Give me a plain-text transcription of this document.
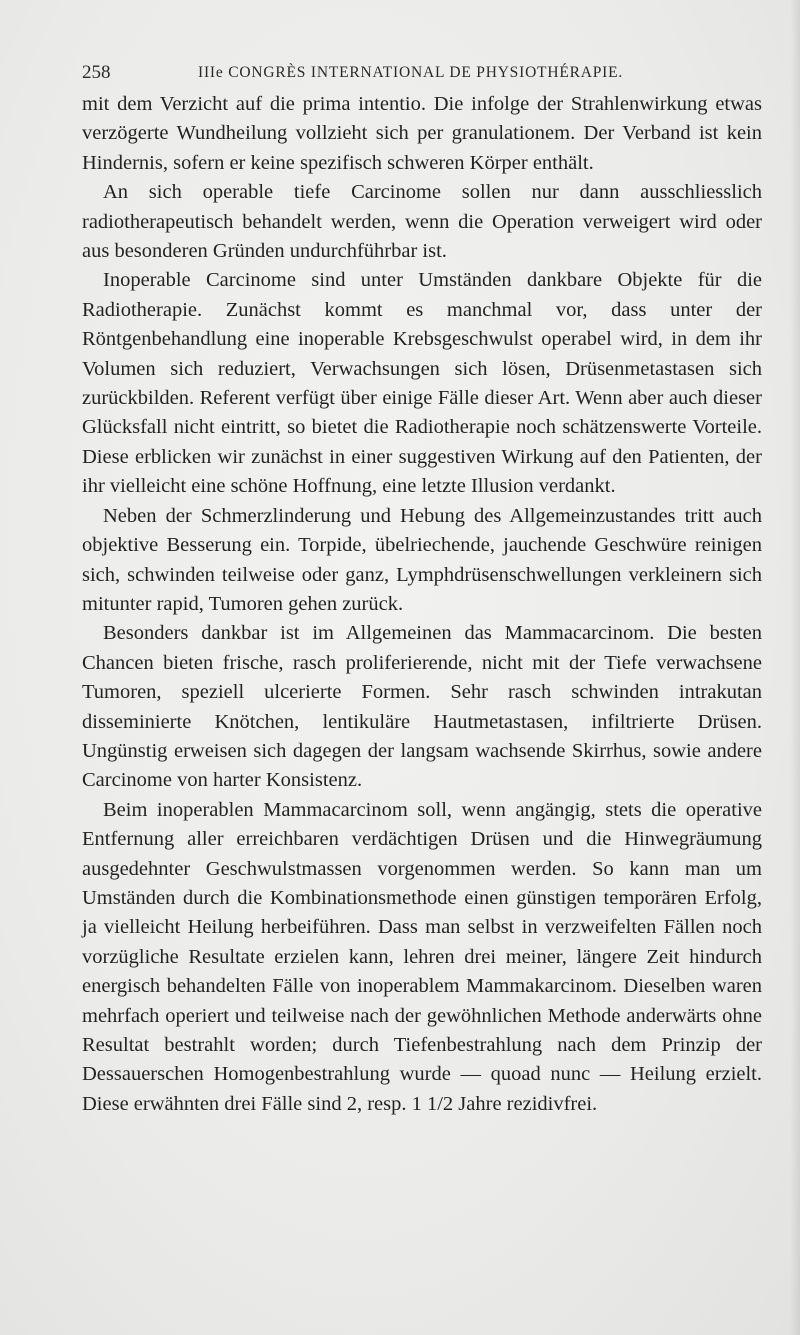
258	IIIe CONGRÈS INTERNATIONAL DE PHYSIOTHÉRAPIE.

mit dem Verzicht auf die prima intentio. Die infolge der Strahlenwirkung etwas verzögerte Wundheilung vollzieht sich per granulationem. Der Verband ist kein Hindernis, sofern er keine spezifisch schweren Körper enthält.

An sich operable tiefe Carcinome sollen nur dann ausschliesslich radiotherapeutisch behandelt werden, wenn die Operation verweigert wird oder aus besonderen Gründen undurchführbar ist.

Inoperable Carcinome sind unter Umständen dankbare Objekte für die Radiotherapie. Zunächst kommt es manchmal vor, dass unter der Röntgenbehandlung eine inoperable Krebsgeschwulst operabel wird, in dem ihr Volumen sich reduziert, Verwachsungen sich lösen, Drüsenmetastasen sich zurückbilden. Referent verfügt über einige Fälle dieser Art. Wenn aber auch dieser Glücksfall nicht eintritt, so bietet die Radiotherapie noch schätzenswerte Vorteile. Diese erblicken wir zunächst in einer suggestiven Wirkung auf den Patienten, der ihr vielleicht eine schöne Hoffnung, eine letzte Illusion verdankt.

Neben der Schmerzlinderung und Hebung des Allgemeinzustandes tritt auch objektive Besserung ein. Torpide, übelriechende, jauchende Geschwüre reinigen sich, schwinden teilweise oder ganz, Lymphdrüsenschwellungen verkleinern sich mitunter rapid, Tumoren gehen zurück.

Besonders dankbar ist im Allgemeinen das Mammacarcinom. Die besten Chancen bieten frische, rasch proliferierende, nicht mit der Tiefe verwachsene Tumoren, speziell ulcerierte Formen. Sehr rasch schwinden intrakutan disseminierte Knötchen, lentikuläre Hautmetastasen, infiltrierte Drüsen. Ungünstig erweisen sich dagegen der langsam wachsende Skirrhus, sowie andere Carcinome von harter Konsistenz.

Beim inoperablen Mammacarcinom soll, wenn angängig, stets die operative Entfernung aller erreichbaren verdächtigen Drüsen und die Hinwegräumung ausgedehnter Geschwulstmassen vorgenommen werden. So kann man um Umständen durch die Kombinationsmethode einen günstigen temporären Erfolg, ja vielleicht Heilung herbeiführen. Dass man selbst in verzweifelten Fällen noch vorzügliche Resultate erzielen kann, lehren drei meiner, längere Zeit hindurch energisch behandelten Fälle von inoperablem Mammakarcinom. Dieselben waren mehrfach operiert und teilweise nach der gewöhnlichen Methode anderwärts ohne Resultat bestrahlt worden; durch Tiefenbestrahlung nach dem Prinzip der Dessauerschen Homogenbestrahlung wurde — quoad nunc — Heilung erzielt. Diese erwähnten drei Fälle sind 2, resp. 1 1/2 Jahre rezidivfrei.
